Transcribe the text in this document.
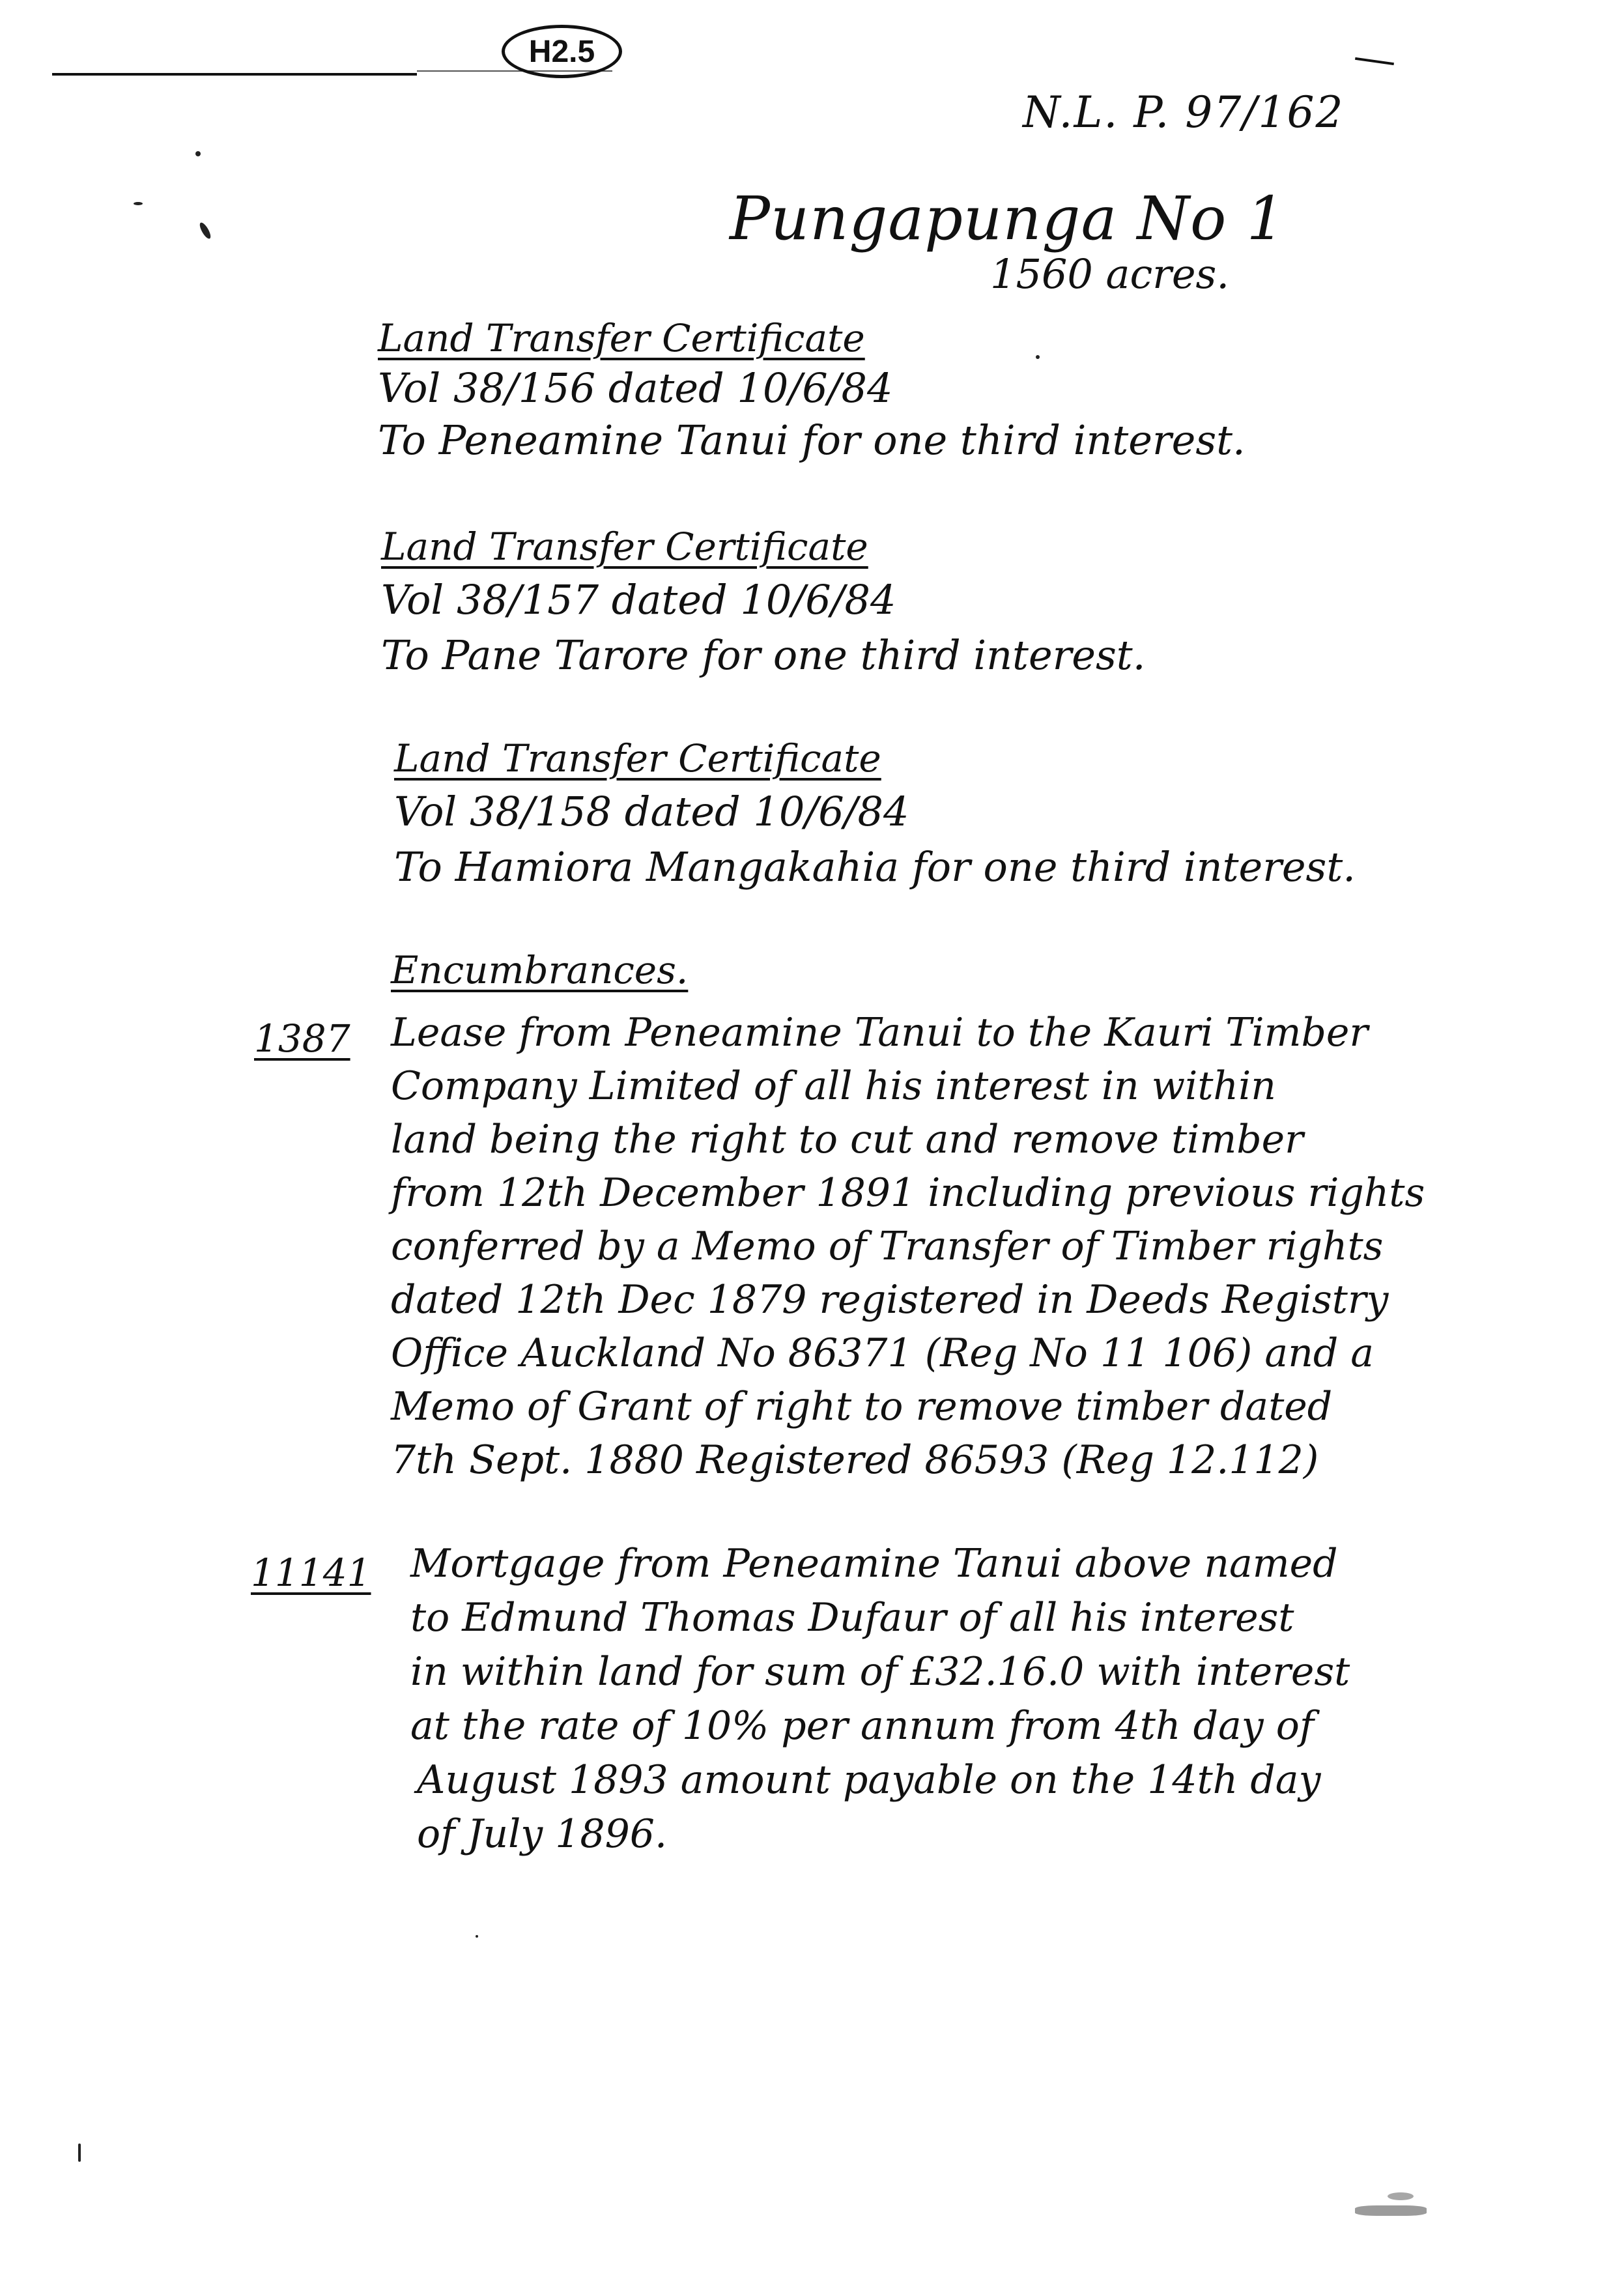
H2.5
N.L. P. 97/162
Pungapunga No 1
1560 acres.
Land Transfer Certificate
Vol 38/156 dated 10/6/84
To Peneamine Tanui for one third interest.
Land Transfer Certificate
Vol 38/157 dated 10/6/84
To Pane Tarore for one third interest.
Land Transfer Certificate
Vol 38/158 dated 10/6/84
To Hamiora Mangakahia for one third interest.
Encumbrances.
1387 Lease from Peneamine Tanui to the Kauri Timber
Company Limited of all his interest in within
land being the right to cut and remove timber
from 12th December 1891 including previous rights
conferred by a Memo of Transfer of Timber rights
dated 12th Dec 1879 registered in Deeds Registry
Office Auckland No 86371 (Reg No 11 106) and a
Memo of Grant of right to remove timber dated
7th Sept. 1880 Registered 86593 (Reg 12.112)
11141 Mortgage from Peneamine Tanui above named
to Edmund Thomas Dufaur of all his interest
in within land for sum of £32.16.0 with interest
at the rate of 10% per annum from 4th day of
August 1893 amount payable on the 14th day
of July 1896.
